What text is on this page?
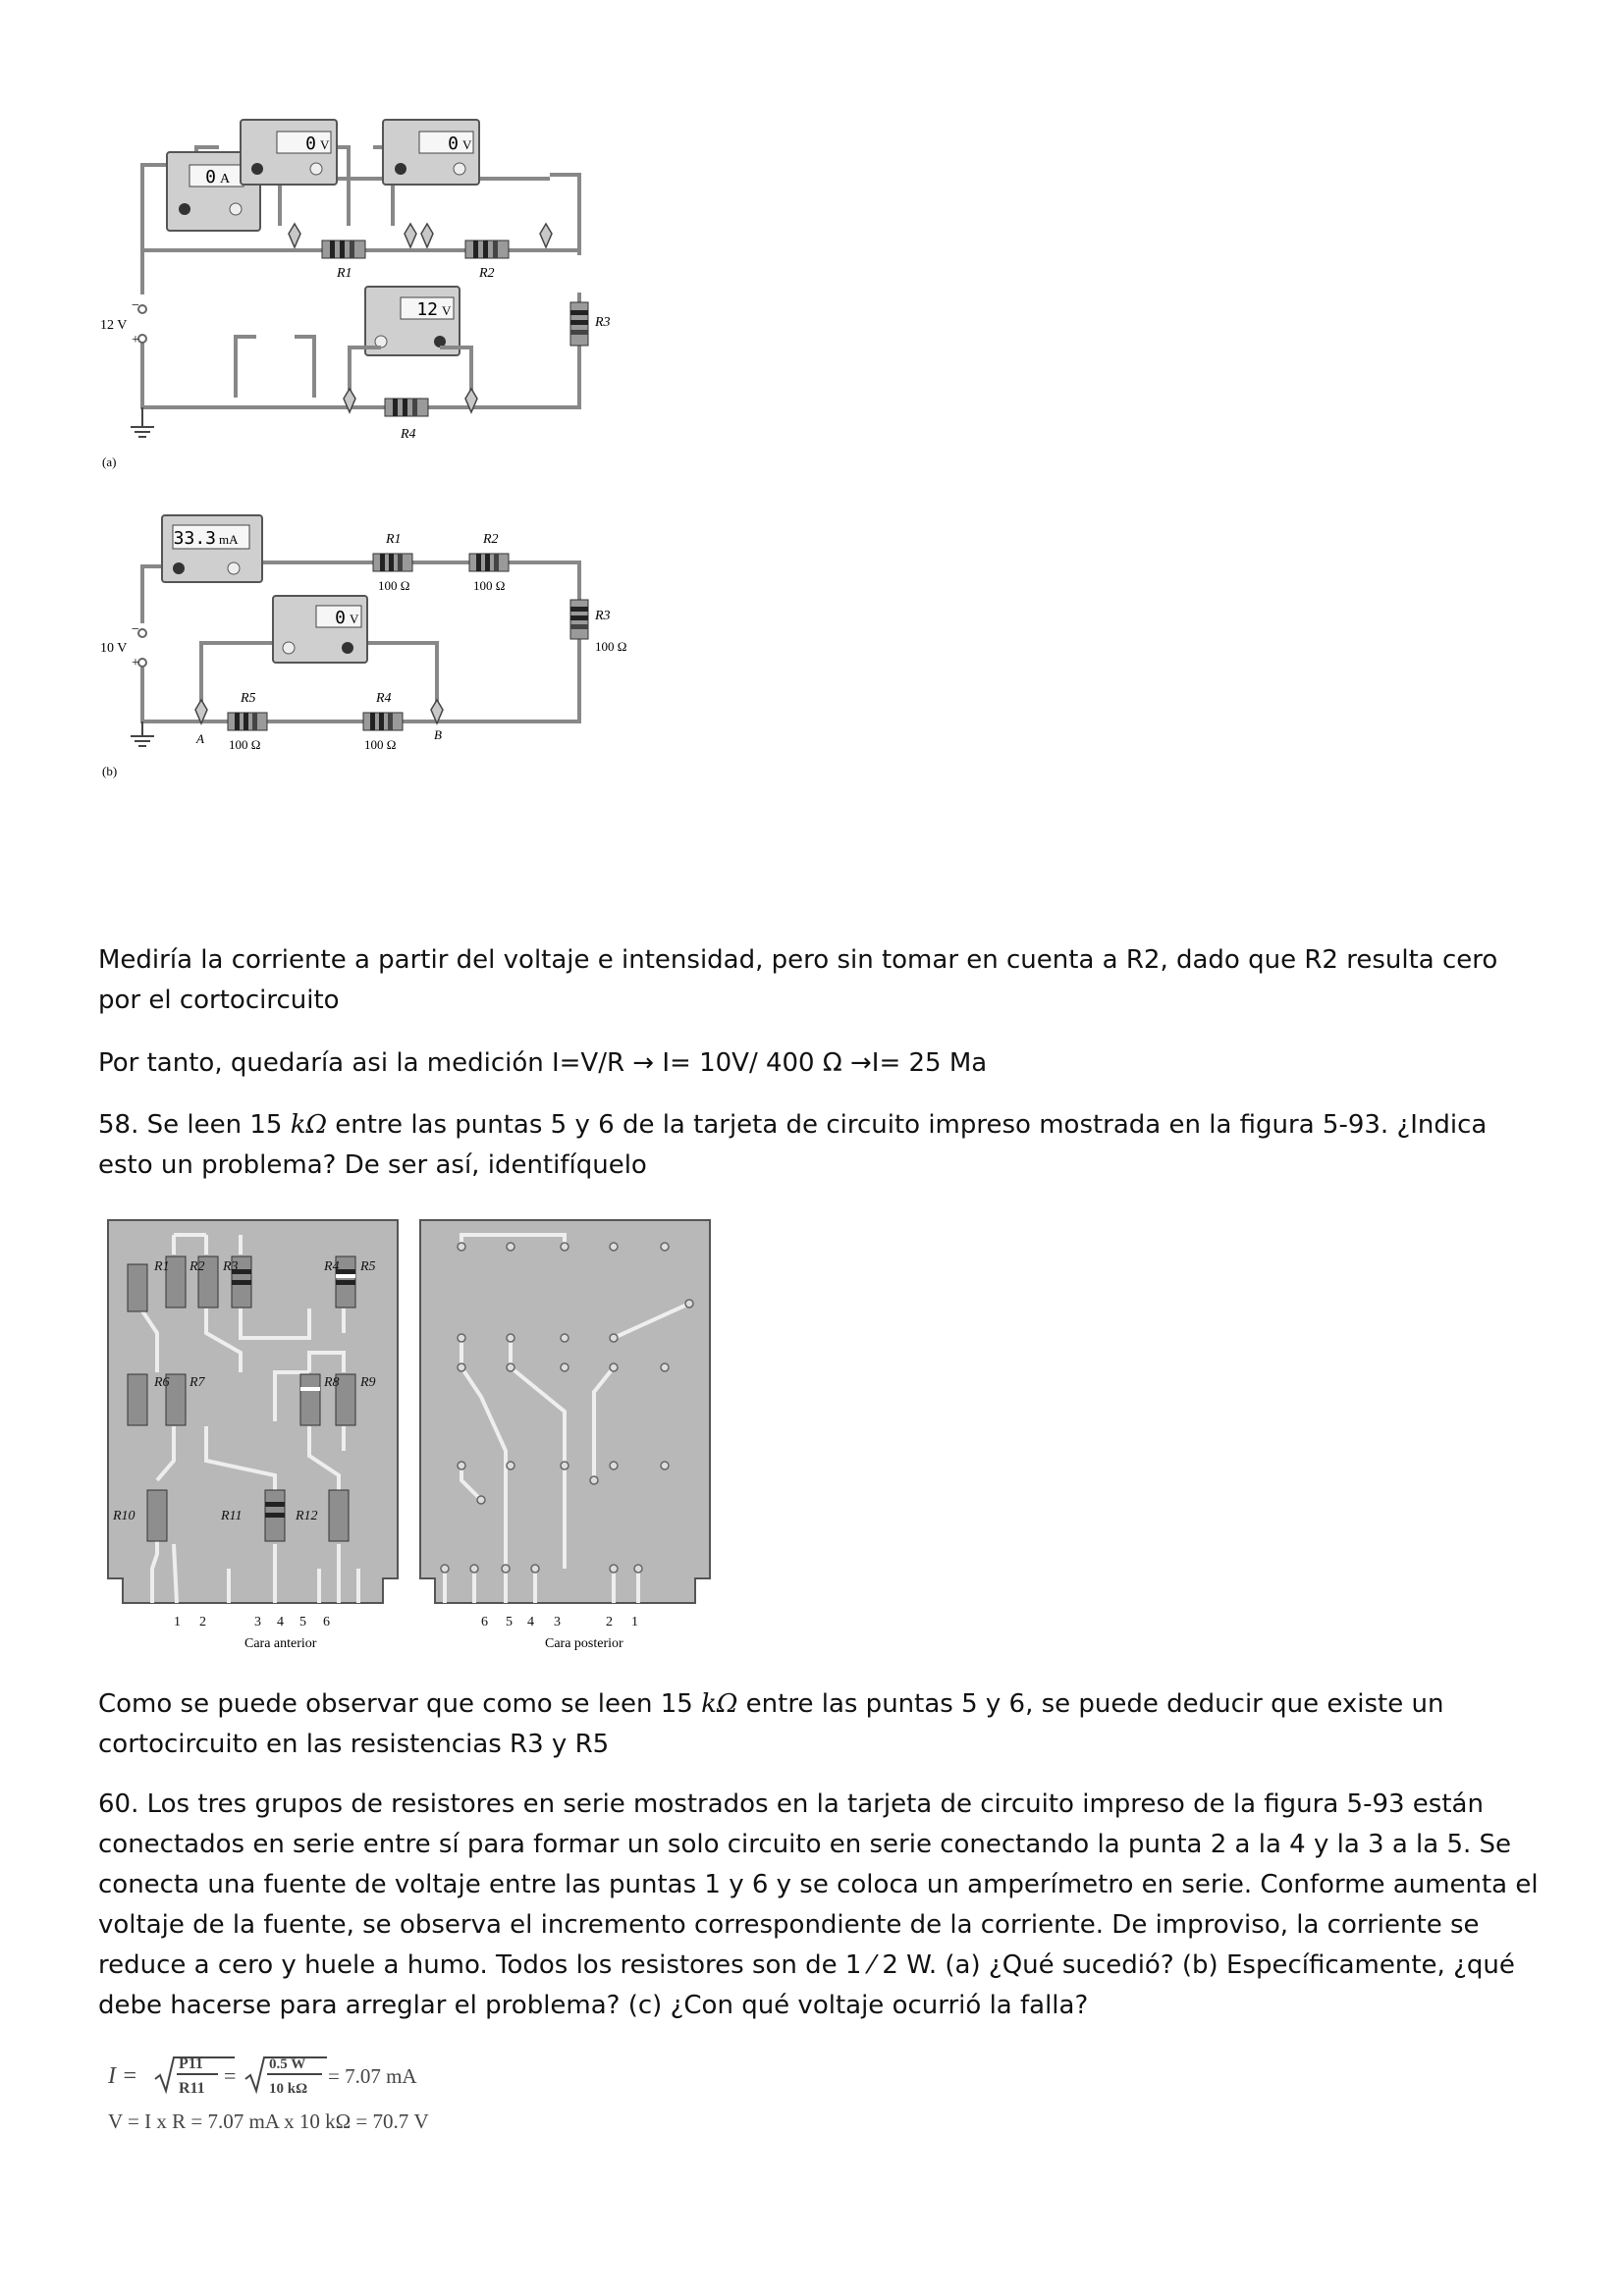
0 A
0 V	0 V
R1	R2
R3
12 V
R4
−
+
12 V
(a)
33.3 mA	R1
100 Ω
R2
100 Ω
R3
100 Ω
0 V
R5
100 Ω
R4
100 Ω
A	B
−
+
10 V
(b)

Mediría la corriente a partir del voltaje e intensidad, pero sin tomar en cuenta a R2, dado que R2 resulta cero por el cortocircuito

Por tanto, quedaría asi la medición I=V/R → I= 10V/ 400 Ω →I= 25 Ma

58. Se leen 15 kΩ entre las puntas 5 y 6 de la tarjeta de circuito impreso mostrada en la figura 5-93. ¿Indica esto un problema? De ser así, identifíquelo

R1 R2 R3	R4 R5
R6 R7	R8 R9
R10	R11	R12
1 2	3 4 5 6
Cara anterior
6 5 4 3	2 1
Cara posterior

Como se puede observar que como se leen 15 kΩ entre las puntas 5 y 6, se puede deducir que existe un cortocircuito en las resistencias R3 y R5

60. Los tres grupos de resistores en serie mostrados en la tarjeta de circuito impreso de la figura 5-93 están conectados en serie entre sí para formar un solo circuito en serie conectando la punta 2 a la 4 y la 3 a la 5. Se conecta una fuente de voltaje entre las puntas 1 y 6 y se coloca un amperímetro en serie. Conforme aumenta el voltaje de la fuente, se observa el incremento correspondiente de la corriente. De improviso, la corriente se reduce a cero y huele a humo. Todos los resistores son de 1 ⁄ 2 W. (a) ¿Qué sucedió? (b) Específicamente, ¿qué debe hacerse para arreglar el problema? (c) ¿Con qué voltaje ocurrió la falla?

I =	P11
R11
= 0.5 W
10 kΩ
= 7.07 mA
V = I x R = 7.07 mA x 10 kΩ = 70.7 V
